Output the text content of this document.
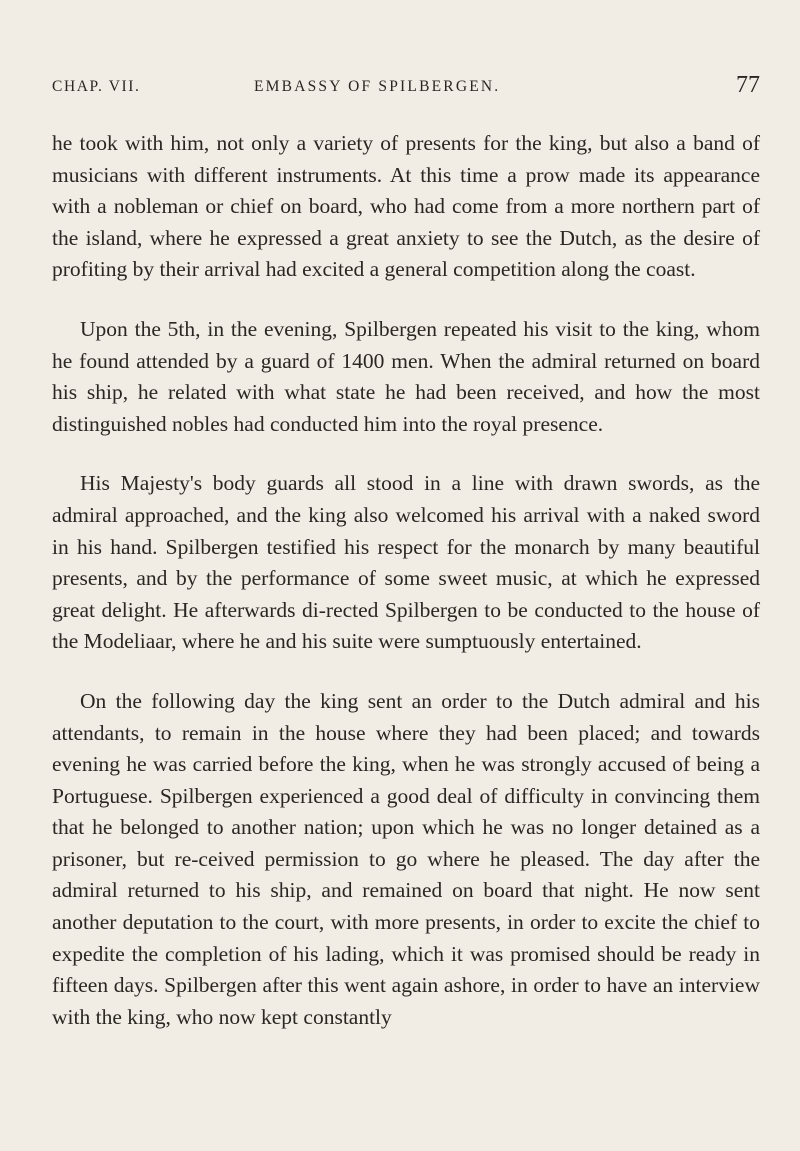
CHAP. VII.	EMBASSY OF SPILBERGEN.	77

he took with him, not only a variety of presents for the king, but also a band of musicians with different instruments. At this time a prow made its appearance with a nobleman or chief on board, who had come from a more northern part of the island, where he expressed a great anxiety to see the Dutch, as the desire of profiting by their arrival had excited a general competition along the coast.

Upon the 5th, in the evening, Spilbergen repeated his visit to the king, whom he found attended by a guard of 1400 men. When the admiral returned on board his ship, he related with what state he had been received, and how the most distinguished nobles had conducted him into the royal presence.

His Majesty's body guards all stood in a line with drawn swords, as the admiral approached, and the king also welcomed his arrival with a naked sword in his hand. Spilbergen testified his respect for the monarch by many beautiful presents, and by the performance of some sweet music, at which he expressed great delight. He afterwards di-rected Spilbergen to be conducted to the house of the Modeliaar, where he and his suite were sumptuously entertained.

On the following day the king sent an order to the Dutch admiral and his attendants, to remain in the house where they had been placed; and towards evening he was carried before the king, when he was strongly accused of being a Portuguese. Spilbergen experienced a good deal of difficulty in convincing them that he belonged to another nation; upon which he was no longer detained as a prisoner, but re-ceived permission to go where he pleased. The day after the admiral returned to his ship, and remained on board that night. He now sent another deputation to the court, with more presents, in order to excite the chief to expedite the completion of his lading, which it was promised should be ready in fifteen days. Spilbergen after this went again ashore, in order to have an interview with the king, who now kept constantly
